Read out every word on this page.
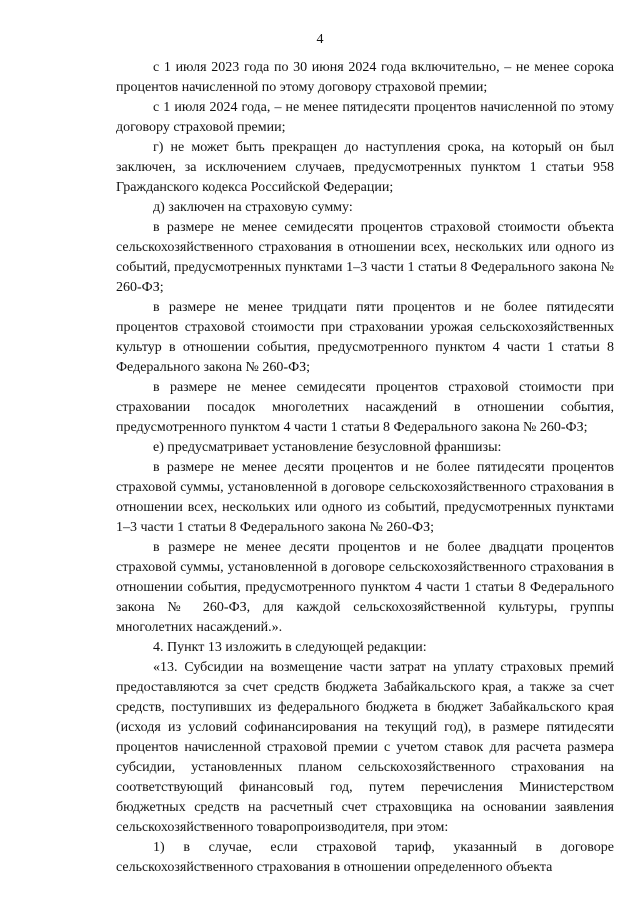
4

с 1 июля 2023 года по 30 июня 2024 года включительно, – не менее сорока процентов начисленной по этому договору страховой премии;

с 1 июля 2024 года, – не менее пятидесяти процентов начисленной по этому договору страховой премии;

г) не может быть прекращен до наступления срока, на который он был заключен, за исключением случаев, предусмотренных пунктом 1 статьи 958 Гражданского кодекса Российской Федерации;

д) заключен на страховую сумму:

в размере не менее семидесяти процентов страховой стоимости объекта сельскохозяйственного страхования в отношении всех, нескольких или одного из событий, предусмотренных пунктами 1–3 части 1 статьи 8 Федерального закона № 260-ФЗ;

в размере не менее тридцати пяти процентов и не более пятидесяти процентов страховой стоимости при страховании урожая сельскохозяйственных культур в отношении события, предусмотренного пунктом 4 части 1 статьи 8 Федерального закона № 260-ФЗ;

в размере не менее семидесяти процентов страховой стоимости при страховании посадок многолетних насаждений в отношении события, предусмотренного пунктом 4 части 1 статьи 8 Федерального закона № 260-ФЗ;

е) предусматривает установление безусловной франшизы:

в размере не менее десяти процентов и не более пятидесяти процентов страховой суммы, установленной в договоре сельскохозяйственного страхования в отношении всех, нескольких или одного из событий, предусмотренных пунктами 1–3 части 1 статьи 8 Федерального закона № 260-ФЗ;

в размере не менее десяти процентов и не более двадцати процентов страховой суммы, установленной в договоре сельскохозяйственного страхования в отношении события, предусмотренного пунктом 4 части 1 статьи 8 Федерального закона № 260-ФЗ, для каждой сельскохозяйственной культуры, группы многолетних насаждений.».

4. Пункт 13 изложить в следующей редакции:

«13. Субсидии на возмещение части затрат на уплату страховых премий предоставляются за счет средств бюджета Забайкальского края, а также за счет средств, поступивших из федерального бюджета в бюджет Забайкальского края (исходя из условий софинансирования на текущий год), в размере пятидесяти процентов начисленной страховой премии с учетом ставок для расчета размера субсидии, установленных планом сельскохозяйственного страхования на соответствующий финансовый год, путем перечисления Министерством бюджетных средств на расчетный счет страховщика на основании заявления сельскохозяйственного товаропроизводителя, при этом:

1) в случае, если страховой тариф, указанный в договоре сельскохозяйственного страхования в отношении определенного объекта
